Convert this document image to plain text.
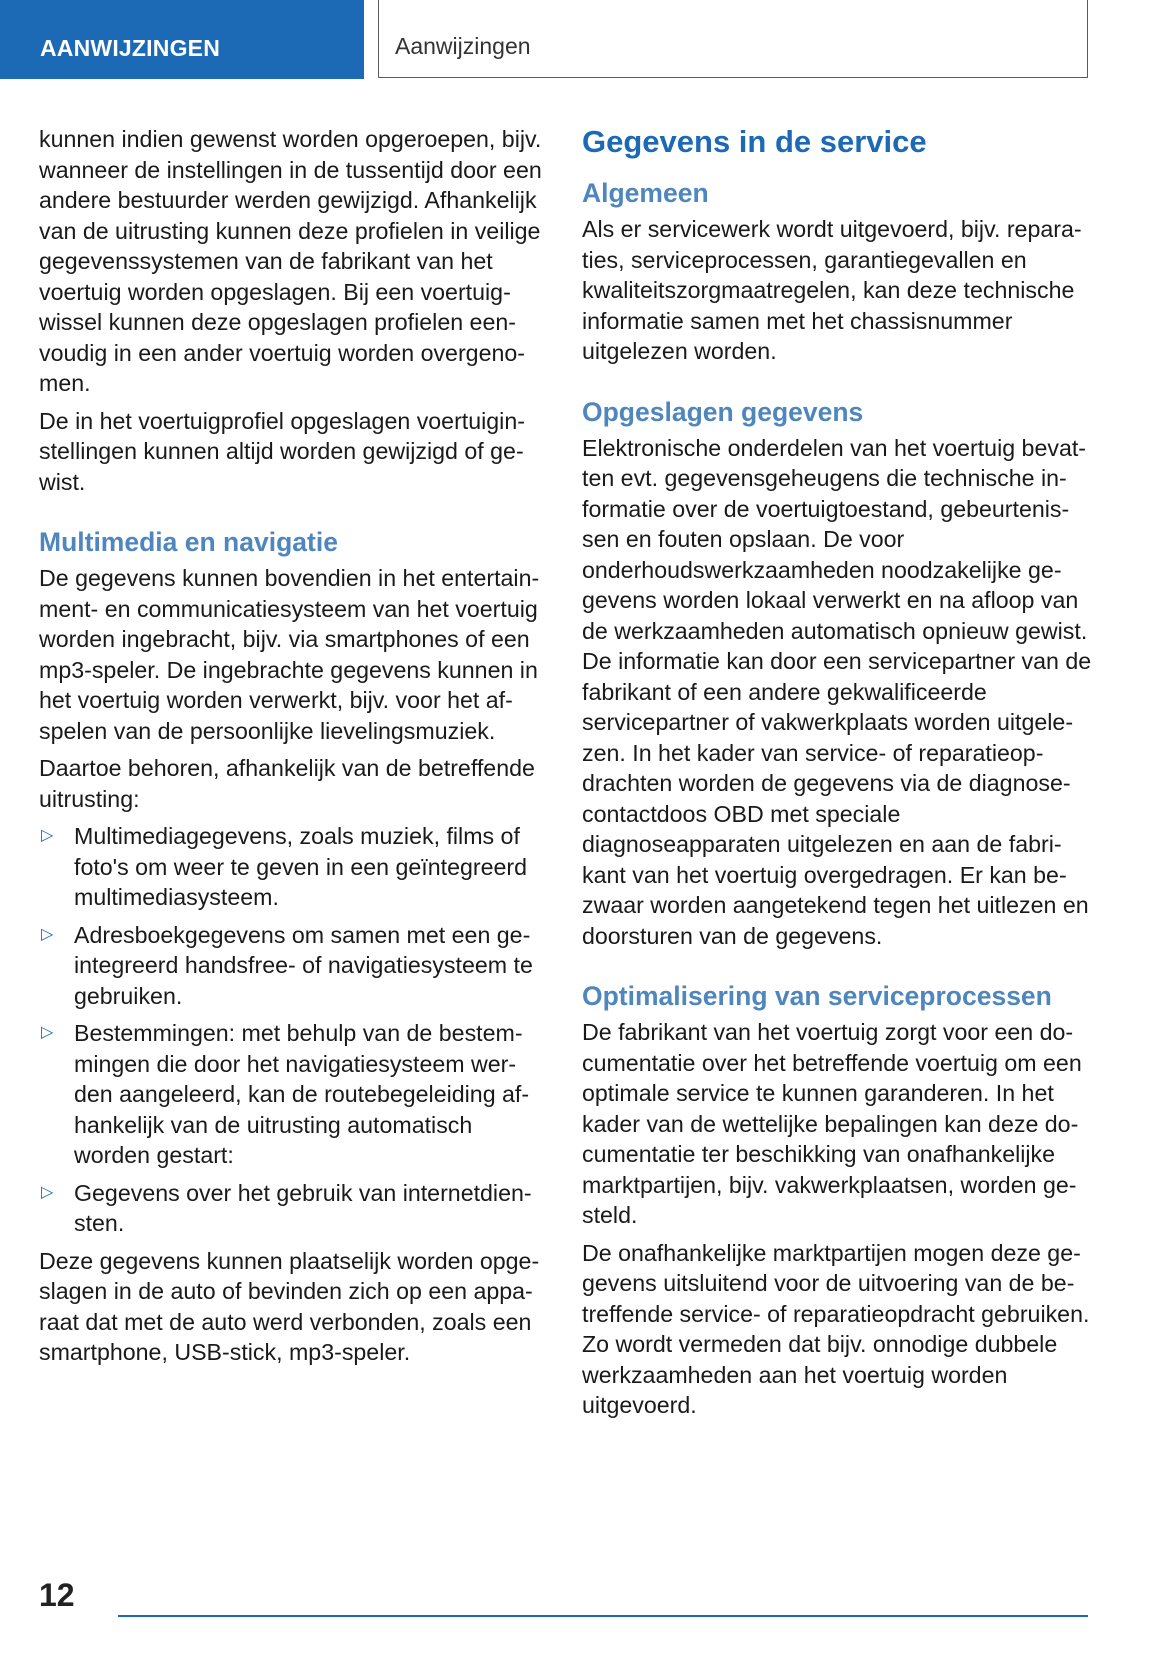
AANWIJZINGEN	Aanwijzingen

kunnen indien gewenst worden opgeroepen, bijv. wanneer de instellingen in de tussentijd door een andere bestuurder werden gewijzigd. Afhankelijk van de uitrusting kunnen deze profielen in veilige gegevenssystemen van de fabrikant van het voertuig worden opgeslagen. Bij een voertuigwissel kunnen deze opgeslagen profielen eenvoudig in een ander voertuig worden overgenomen.

De in het voertuigprofiel opgeslagen voertuiginstellingen kunnen altijd worden gewijzigd of gewist.

Multimedia en navigatie

De gegevens kunnen bovendien in het entertainment- en communicatiesysteem van het voertuig worden ingebracht, bijv. via smartphones of een mp3-speler. De ingebrachte gegevens kunnen in het voertuig worden verwerkt, bijv. voor het afspelen van de persoonlijke lievelingsmuziek.

Daartoe behoren, afhankelijk van de betreffende uitrusting:

▷ Multimediagegevens, zoals muziek, films of foto's om weer te geven in een geïntegreerd multimediasysteem.
▷ Adresboekgegevens om samen met een geintegreerd handsfree- of navigatiesysteem te gebruiken.
▷ Bestemmingen: met behulp van de bestemmingen die door het navigatiesysteem werden aangeleerd, kan de routebegeleiding afhankelijk van de uitrusting automatisch worden gestart:
▷ Gegevens over het gebruik van internetdiensten.

Deze gegevens kunnen plaatselijk worden opgeslagen in de auto of bevinden zich op een apparaat dat met de auto werd verbonden, zoals een smartphone, USB-stick, mp3-speler.

Gegevens in de service
Algemeen

Als er servicewerk wordt uitgevoerd, bijv. reparaties, serviceprocessen, garantiegevallen en kwaliteitszorgmaatregelen, kan deze technische informatie samen met het chassisnummer uitgelezen worden.

Opgeslagen gegevens

Elektronische onderdelen van het voertuig bevatten evt. gegevensgeheugens die technische informatie over de voertuigtoestand, gebeurtenissen en fouten opslaan. De voor onderhoudswerkzaamheden noodzakelijke gegevens worden lokaal verwerkt en na afloop van de werkzaamheden automatisch opnieuw gewist. De informatie kan door een servicepartner van de fabrikant of een andere gekwalificeerde servicepartner of vakwerkplaats worden uitgelezen. In het kader van service- of reparatieopdrachten worden de gegevens via de diagnosecontactdoos OBD met speciale diagnoseapparaten uitgelezen en aan de fabrikant van het voertuig overgedragen. Er kan bezwaar worden aangetekend tegen het uitlezen en doorsturen van de gegevens.

Optimalisering van serviceprocessen

De fabrikant van het voertuig zorgt voor een documentatie over het betreffende voertuig om een optimale service te kunnen garanderen. In het kader van de wettelijke bepalingen kan deze documentatie ter beschikking van onafhankelijke marktpartijen, bijv. vakwerkplaatsen, worden gesteld.

De onafhankelijke marktpartijen mogen deze gegevens uitsluitend voor de uitvoering van de betreffende service- of reparatieopdracht gebruiken. Zo wordt vermeden dat bijv. onnodige dubbele werkzaamheden aan het voertuig worden uitgevoerd.

12
